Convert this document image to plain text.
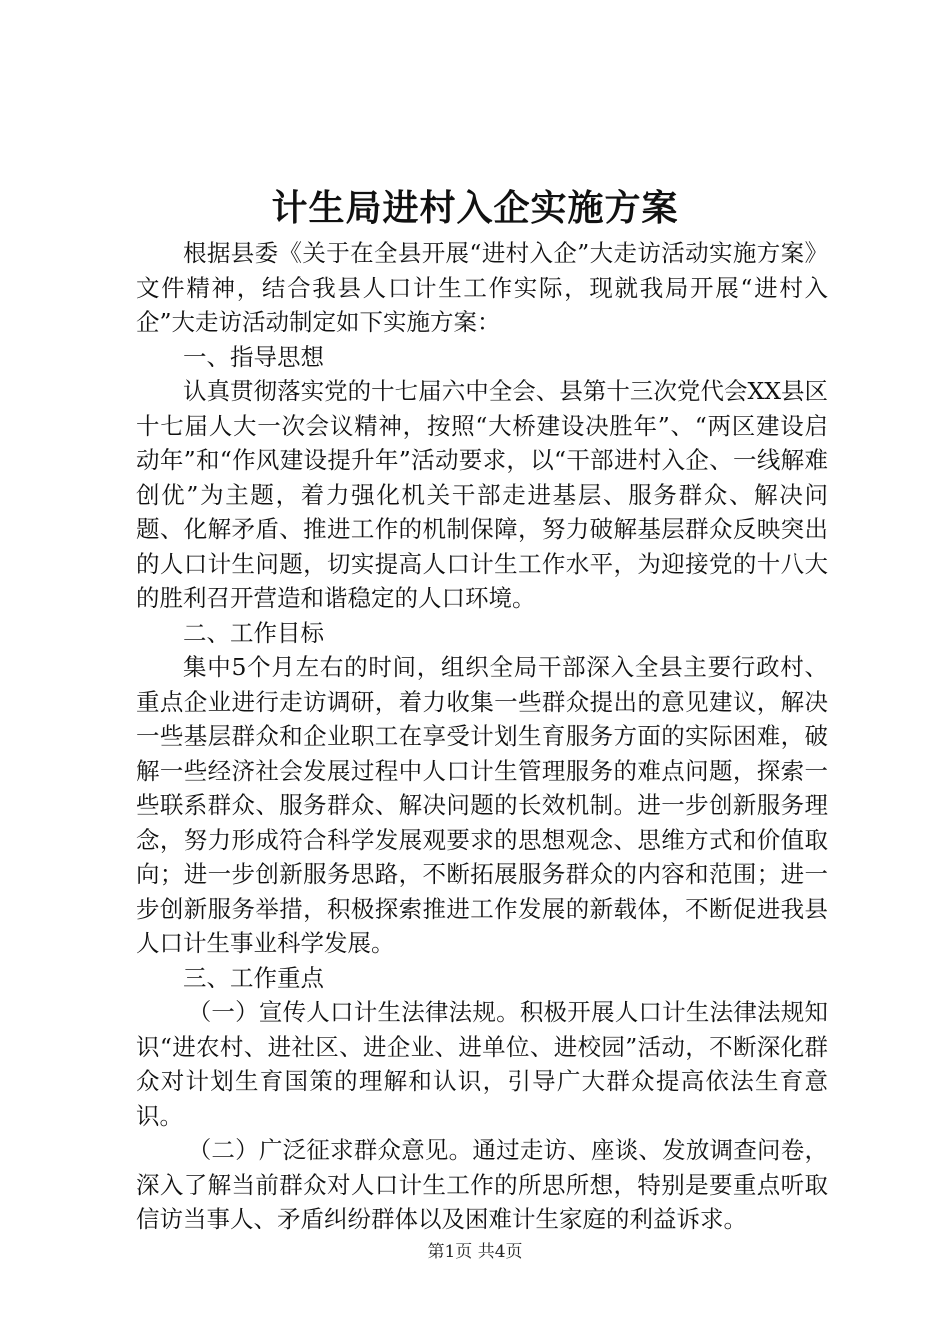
计生局进村入企实施方案

根据县委《关于在全县开展“进村入企”大走访活动实施方案》文件精神，结合我县人口计生工作实际，现就我局开展“进村入企”大走访活动制定如下实施方案：

一、指导思想

认真贯彻落实党的十七届六中全会、县第十三次党代会XX县区十七届人大一次会议精神，按照“大桥建设决胜年”、“两区建设启动年”和“作风建设提升年”活动要求，以“干部进村入企、一线解难创优”为主题，着力强化机关干部走进基层、服务群众、解决问题、化解矛盾、推进工作的机制保障，努力破解基层群众反映突出的人口计生问题，切实提高人口计生工作水平，为迎接党的十八大的胜利召开营造和谐稳定的人口环境。

二、工作目标

集中5个月左右的时间，组织全局干部深入全县主要行政村、重点企业进行走访调研，着力收集一些群众提出的意见建议，解决一些基层群众和企业职工在享受计划生育服务方面的实际困难，破解一些经济社会发展过程中人口计生管理服务的难点问题，探索一些联系群众、服务群众、解决问题的长效机制。进一步创新服务理念，努力形成符合科学发展观要求的思想观念、思维方式和价值取向；进一步创新服务思路，不断拓展服务群众的内容和范围；进一步创新服务举措，积极探索推进工作发展的新载体，不断促进我县人口计生事业科学发展。

三、工作重点

（一）宣传人口计生法律法规。积极开展人口计生法律法规知识“进农村、进社区、进企业、进单位、进校园”活动，不断深化群众对计划生育国策的理解和认识，引导广大群众提高依法生育意识。

（二）广泛征求群众意见。通过走访、座谈、发放调查问卷，深入了解当前群众对人口计生工作的所思所想，特别是要重点听取信访当事人、矛盾纠纷群体以及困难计生家庭的利益诉求。

第1页 共4页
